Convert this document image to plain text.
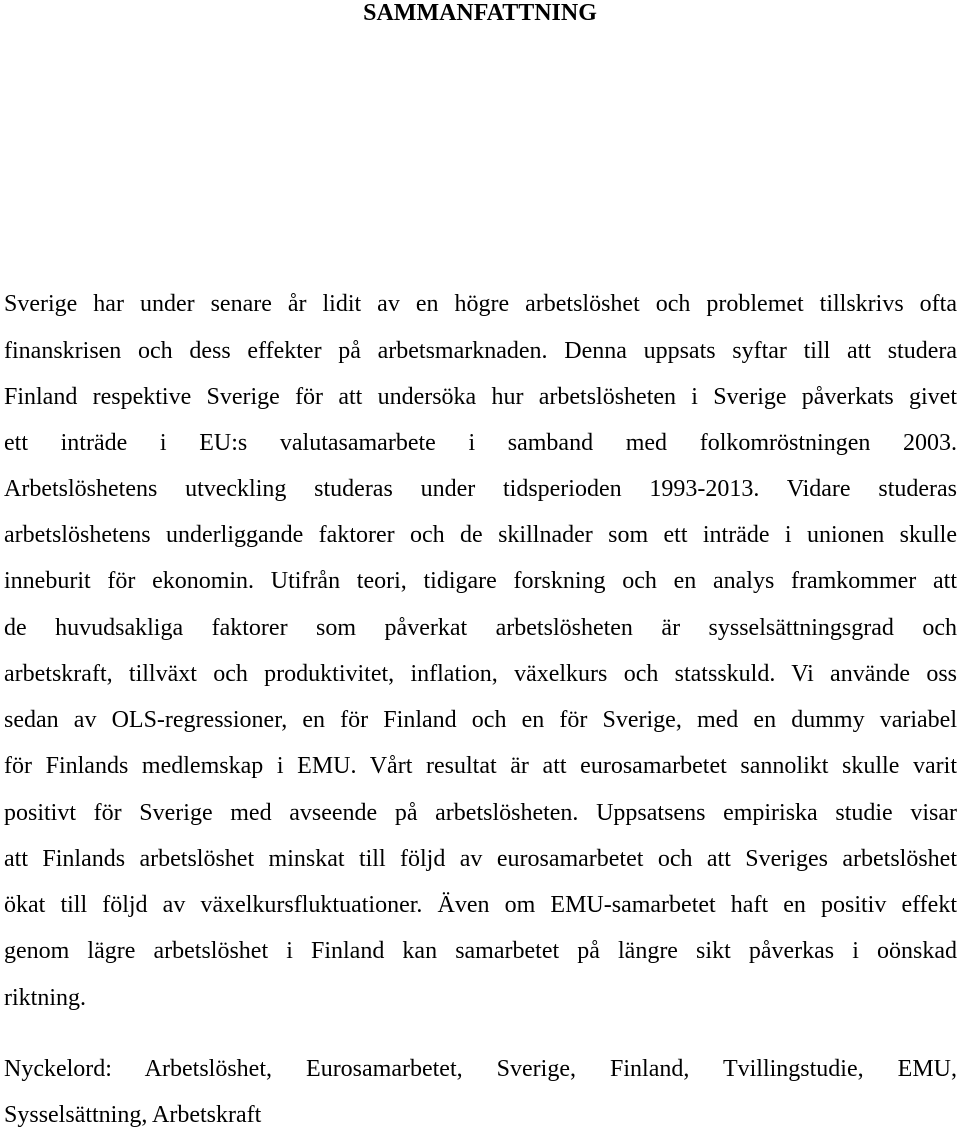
SAMMANFATTNING
Sverige har under senare år lidit av en högre arbetslöshet och problemet tillskrivs ofta
finanskrisen och dess effekter på arbetsmarknaden. Denna uppsats syftar till att studera
Finland respektive Sverige för att undersöka hur arbetslösheten i Sverige påverkats givet
ett inträde i EU:s valutasamarbete i samband med folkomröstningen 2003.
Arbetslöshetens utveckling studeras under tidsperioden 1993-2013. Vidare studeras
arbetslöshetens underliggande faktorer och de skillnader som ett inträde i unionen skulle
inneburit för ekonomin. Utifrån teori, tidigare forskning och en analys framkommer att
de huvudsakliga faktorer som påverkat arbetslösheten är sysselsättningsgrad och
arbetskraft, tillväxt och produktivitet, inflation, växelkurs och statsskuld. Vi använde oss
sedan av OLS-regressioner, en för Finland och en för Sverige, med en dummy variabel
för Finlands medlemskap i EMU. Vårt resultat är att eurosamarbetet sannolikt skulle varit
positivt för Sverige med avseende på arbetslösheten. Uppsatsens empiriska studie visar
att Finlands arbetslöshet minskat till följd av eurosamarbetet och att Sveriges arbetslöshet
ökat till följd av växelkursfluktuationer. Även om EMU-samarbetet haft en positiv effekt
genom lägre arbetslöshet i Finland kan samarbetet på längre sikt påverkas i oönskad
riktning.
Nyckelord: Arbetslöshet, Eurosamarbetet, Sverige, Finland, Tvillingstudie, EMU,
Sysselsättning, Arbetskraft
